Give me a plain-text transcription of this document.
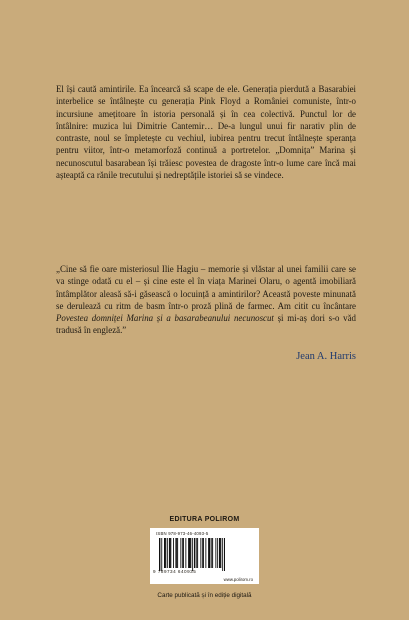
El își caută amintirile. Ea încearcă să scape de ele. Generația pierdută a Basarabiei interbelice se întâlnește cu generația Pink Floyd a României comuniste, într-o incursiune amețitoare în istoria personală și în cea colectivă. Punctul lor de întâlnire: muzica lui Dimitrie Cantemir… De-a lungul unui fir narativ plin de contraste, noul se împletește cu vechiul, iubirea pentru trecut întâlnește speranța pentru viitor, într-o metamorfoză continuă a portretelor. „Domnița” Marina și necunoscutul basarabean își trăiesc povestea de dragoste într-o lume care încă mai așteaptă ca rănile trecutului și nedreptățile istoriei să se vindece.

„Cine să fie oare misteriosul Ilie Hagiu – memorie și vlăstar al unei familii care se va stinge odată cu el – și cine este el în viața Marinei Olaru, o agentă imobiliară întâmplător aleasă să-i găsească o locuință a amintirilor? Această poveste minunată se derulează cu ritm de basm într-o proză plină de farmec. Am citit cu încântare Povestea domniței Marina și a basarabeanului necunoscut și mi-aș dori s-o văd tradusă în engleză.”

Jean A. Harris

EDITURA POLIROM

ISBN 978-973-46-4093-5
9 789734 640935
www.polirom.ro

Carte publicată și în ediție digitală
